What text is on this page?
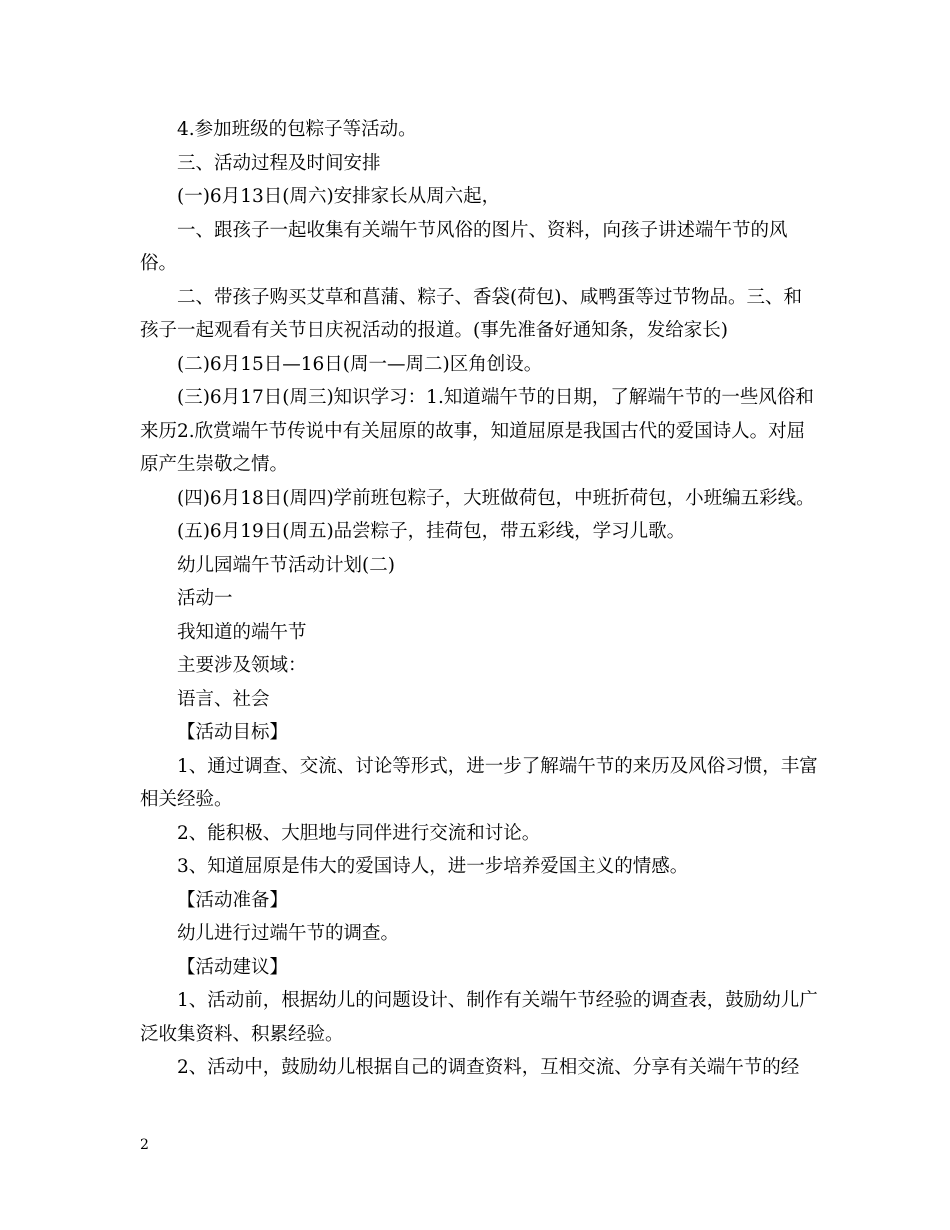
4.参加班级的包粽子等活动。

三、活动过程及时间安排

(一)6月13日(周六)安排家长从周六起，

一、跟孩子一起收集有关端午节风俗的图片、资料，向孩子讲述端午节的风俗。

二、带孩子购买艾草和菖蒲、粽子、香袋(荷包)、咸鸭蛋等过节物品。三、和孩子一起观看有关节日庆祝活动的报道。(事先准备好通知条，发给家长)

(二)6月15日—16日(周一—周二)区角创设。

(三)6月17日(周三)知识学习：1.知道端午节的日期，了解端午节的一些风俗和来历2.欣赏端午节传说中有关屈原的故事，知道屈原是我国古代的爱国诗人。对屈原产生崇敬之情。

(四)6月18日(周四)学前班包粽子，大班做荷包，中班折荷包，小班编五彩线。

(五)6月19日(周五)品尝粽子，挂荷包，带五彩线，学习儿歌。

幼儿园端午节活动计划(二)

活动一

我知道的端午节

主要涉及领域：

语言、社会

【活动目标】

1、通过调查、交流、讨论等形式，进一步了解端午节的来历及风俗习惯，丰富相关经验。

2、能积极、大胆地与同伴进行交流和讨论。

3、知道屈原是伟大的爱国诗人，进一步培养爱国主义的情感。

【活动准备】

幼儿进行过端午节的调查。

【活动建议】

1、活动前，根据幼儿的问题设计、制作有关端午节经验的调查表，鼓励幼儿广泛收集资料、积累经验。

2、活动中，鼓励幼儿根据自己的调查资料，互相交流、分享有关端午节的经

2
